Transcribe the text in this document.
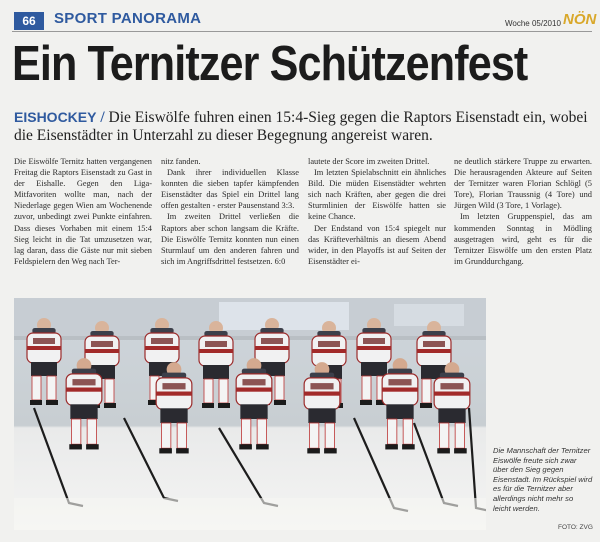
66	SPORT PANORAMA	Woche 05/2010 NÖN
Ein Ternitzer Schützenfest
EISHOCKEY / Die Eiswölfe fuhren einen 15:4-Sieg gegen die Raptors Eisenstadt ein, wobei die Eisenstädter in Unterzahl zu dieser Begegnung angereist waren.

Die Eiswölfe Ternitz hatten vergangenen Freitag die Raptors Eisenstadt zu Gast in der Eishalle. Gegen den Liga-Mitfavoriten wollte man, nach der Niederlage gegen Wien am Wochenende zuvor, unbedingt zwei Punkte einfahren. Dass dieses Vorhaben mit einem 15:4 Sieg leicht in die Tat umzusetzen war, lag daran, dass die Gäste nur mit sieben Feldspielern den Weg nach Ter-

nitz fanden.

Dank ihrer individuellen Klasse konnten die sieben tapfer kämpfenden Eisenstädter das Spiel ein Drittel lang offen gestalten - erster Pausenstand 3:3.

Im zweiten Drittel verließen die Raptors aber schon langsam die Kräfte. Die Eiswölfe Ternitz konnten nun einen Sturmlauf um den anderen fahren und sich im Angriffsdrittel festsetzen. 6:0

lautete der Score im zweiten Drittel.

Im letzten Spielabschnitt ein ähnliches Bild. Die müden Eisenstädter wehrten sich nach Kräften, aber gegen die drei Sturmlinien der Eiswölfe hatten sie keine Chance.

Der Endstand von 15:4 spiegelt nur das Kräfteverhältnis an diesem Abend wider, in den Playoffs ist auf Seiten der Eisenstädter ei-

ne deutlich stärkere Truppe zu erwarten. Die herausragenden Akteure auf Seiten der Ternitzer waren Florian Schlögl (5 Tore), Florian Traussnig (4 Tore) und Jürgen Wild (3 Tore, 1 Vorlage).

Im letzten Gruppenspiel, das am kommenden Sonntag in Mödling ausgetragen wird, geht es für die Ternitzer Eiswölfe um den ersten Platz im Grunddurchgang.

Die Mannschaft der Ternitzer Eiswölfe freute sich zwar über den Sieg gegen Eisenstadt. Im Rückspiel wird es für die Ternitzer aber allerdings nicht mehr so leicht werden.
FOTO: ZVG
